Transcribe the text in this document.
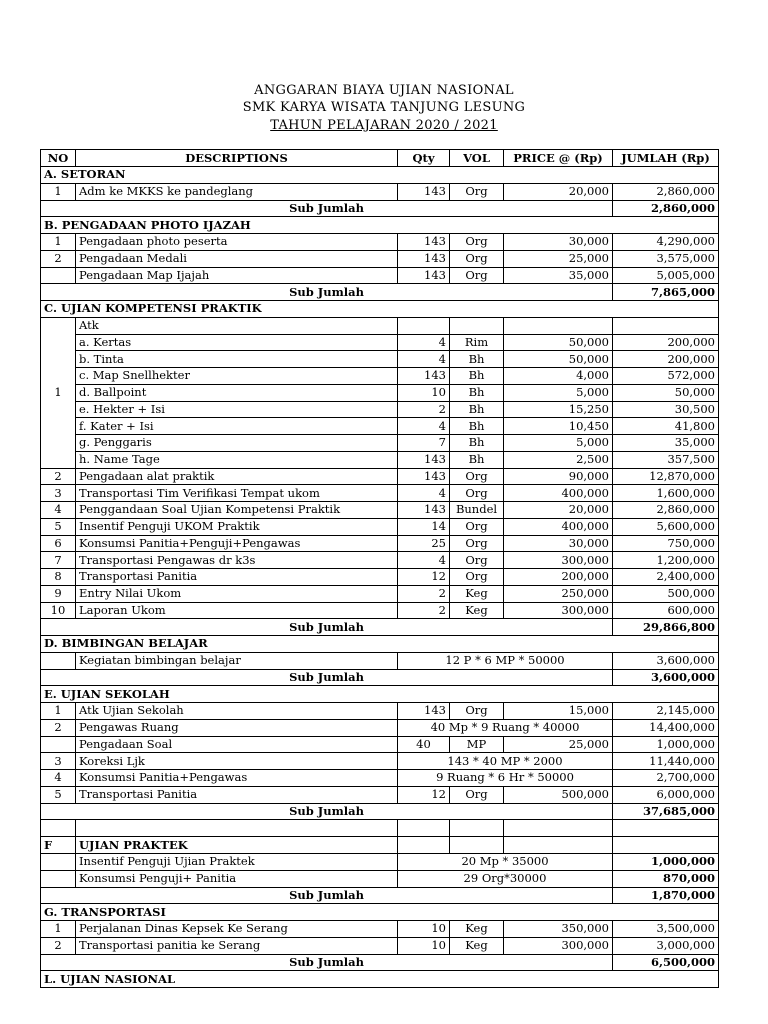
ANGGARAN BIAYA UJIAN NASIONAL
SMK KARYA WISATA TANJUNG LESUNG
TAHUN PELAJARAN 2020 / 2021
NO	DESCRIPTIONS	Qty	VOL	PRICE @ (Rp)	JUMLAH (Rp)
A. SETORAN					
1	Adm ke MKKS ke pandeglang	143	Org	20,000	2,860,000
Sub Jumlah					2,860,000
B. PENGADAAN PHOTO IJAZAH					
1	Pengadaan photo peserta	143	Org	30,000	4,290,000
2	Pengadaan Medali	143	Org	25,000	3,575,000
	Pengadaan Map Ijajah	143	Org	35,000	5,005,000
Sub Jumlah					7,865,000
C. UJIAN KOMPETENSI PRAKTIK					
1	Atk				
	a. Kertas	4	Rim	50,000	200,000
	b. Tinta	4	Bh	50,000	200,000
	c. Map Snellhekter	143	Bh	4,000	572,000
	d. Ballpoint	10	Bh	5,000	50,000
	e. Hekter + Isi	2	Bh	15,250	30,500
	f. Kater + Isi	4	Bh	10,450	41,800
	g. Penggaris	7	Bh	5,000	35,000
	h. Name Tage	143	Bh	2,500	357,500
2	Pengadaan alat praktik	143	Org	90,000	12,870,000
3	Transportasi Tim Verifikasi Tempat ukom	4	Org	400,000	1,600,000
4	Penggandaan Soal Ujian Kompetensi Praktik	143	Bundel	20,000	2,860,000
5	Insentif Penguji UKOM Praktik	14	Org	400,000	5,600,000
6	Konsumsi Panitia+Penguji+Pengawas	25	Org	30,000	750,000
7	Transportasi Pengawas dr k3s	4	Org	300,000	1,200,000
8	Transportasi Panitia	12	Org	200,000	2,400,000
9	Entry Nilai Ukom	2	Keg	250,000	500,000
10	Laporan Ukom	2	Keg	300,000	600,000
Sub Jumlah					29,866,800
D. BIMBINGAN BELAJAR					
	Kegiatan bimbingan belajar	12 P * 6 MP * 50000			3,600,000
Sub Jumlah					3,600,000
E. UJIAN SEKOLAH					
1	Atk Ujian Sekolah	143	Org	15,000	2,145,000
2	Pengawas Ruang	40 Mp * 9 Ruang * 40000			14,400,000
	Pengadaan Soal	40	MP	25,000	1,000,000
3	Koreksi Ljk	143 * 40 MP * 2000			11,440,000
4	Konsumsi Panitia+Pengawas	9 Ruang * 6 Hr * 50000			2,700,000
5	Transportasi Panitia	12	Org	500,000	6,000,000
Sub Jumlah					37,685,000

F	UJIAN PRAKTEK				
	Insentif Penguji Ujian Praktek	20 Mp * 35000			1,000,000
	Konsumsi Penguji+ Panitia	29 Org*30000			870,000
Sub Jumlah					1,870,000
G. TRANSPORTASI					
1	Perjalanan Dinas Kepsek Ke Serang	10	Keg	350,000	3,500,000
2	Transportasi panitia ke Serang	10	Keg	300,000	3,000,000
Sub Jumlah					6,500,000
L. UJIAN NASIONAL					
